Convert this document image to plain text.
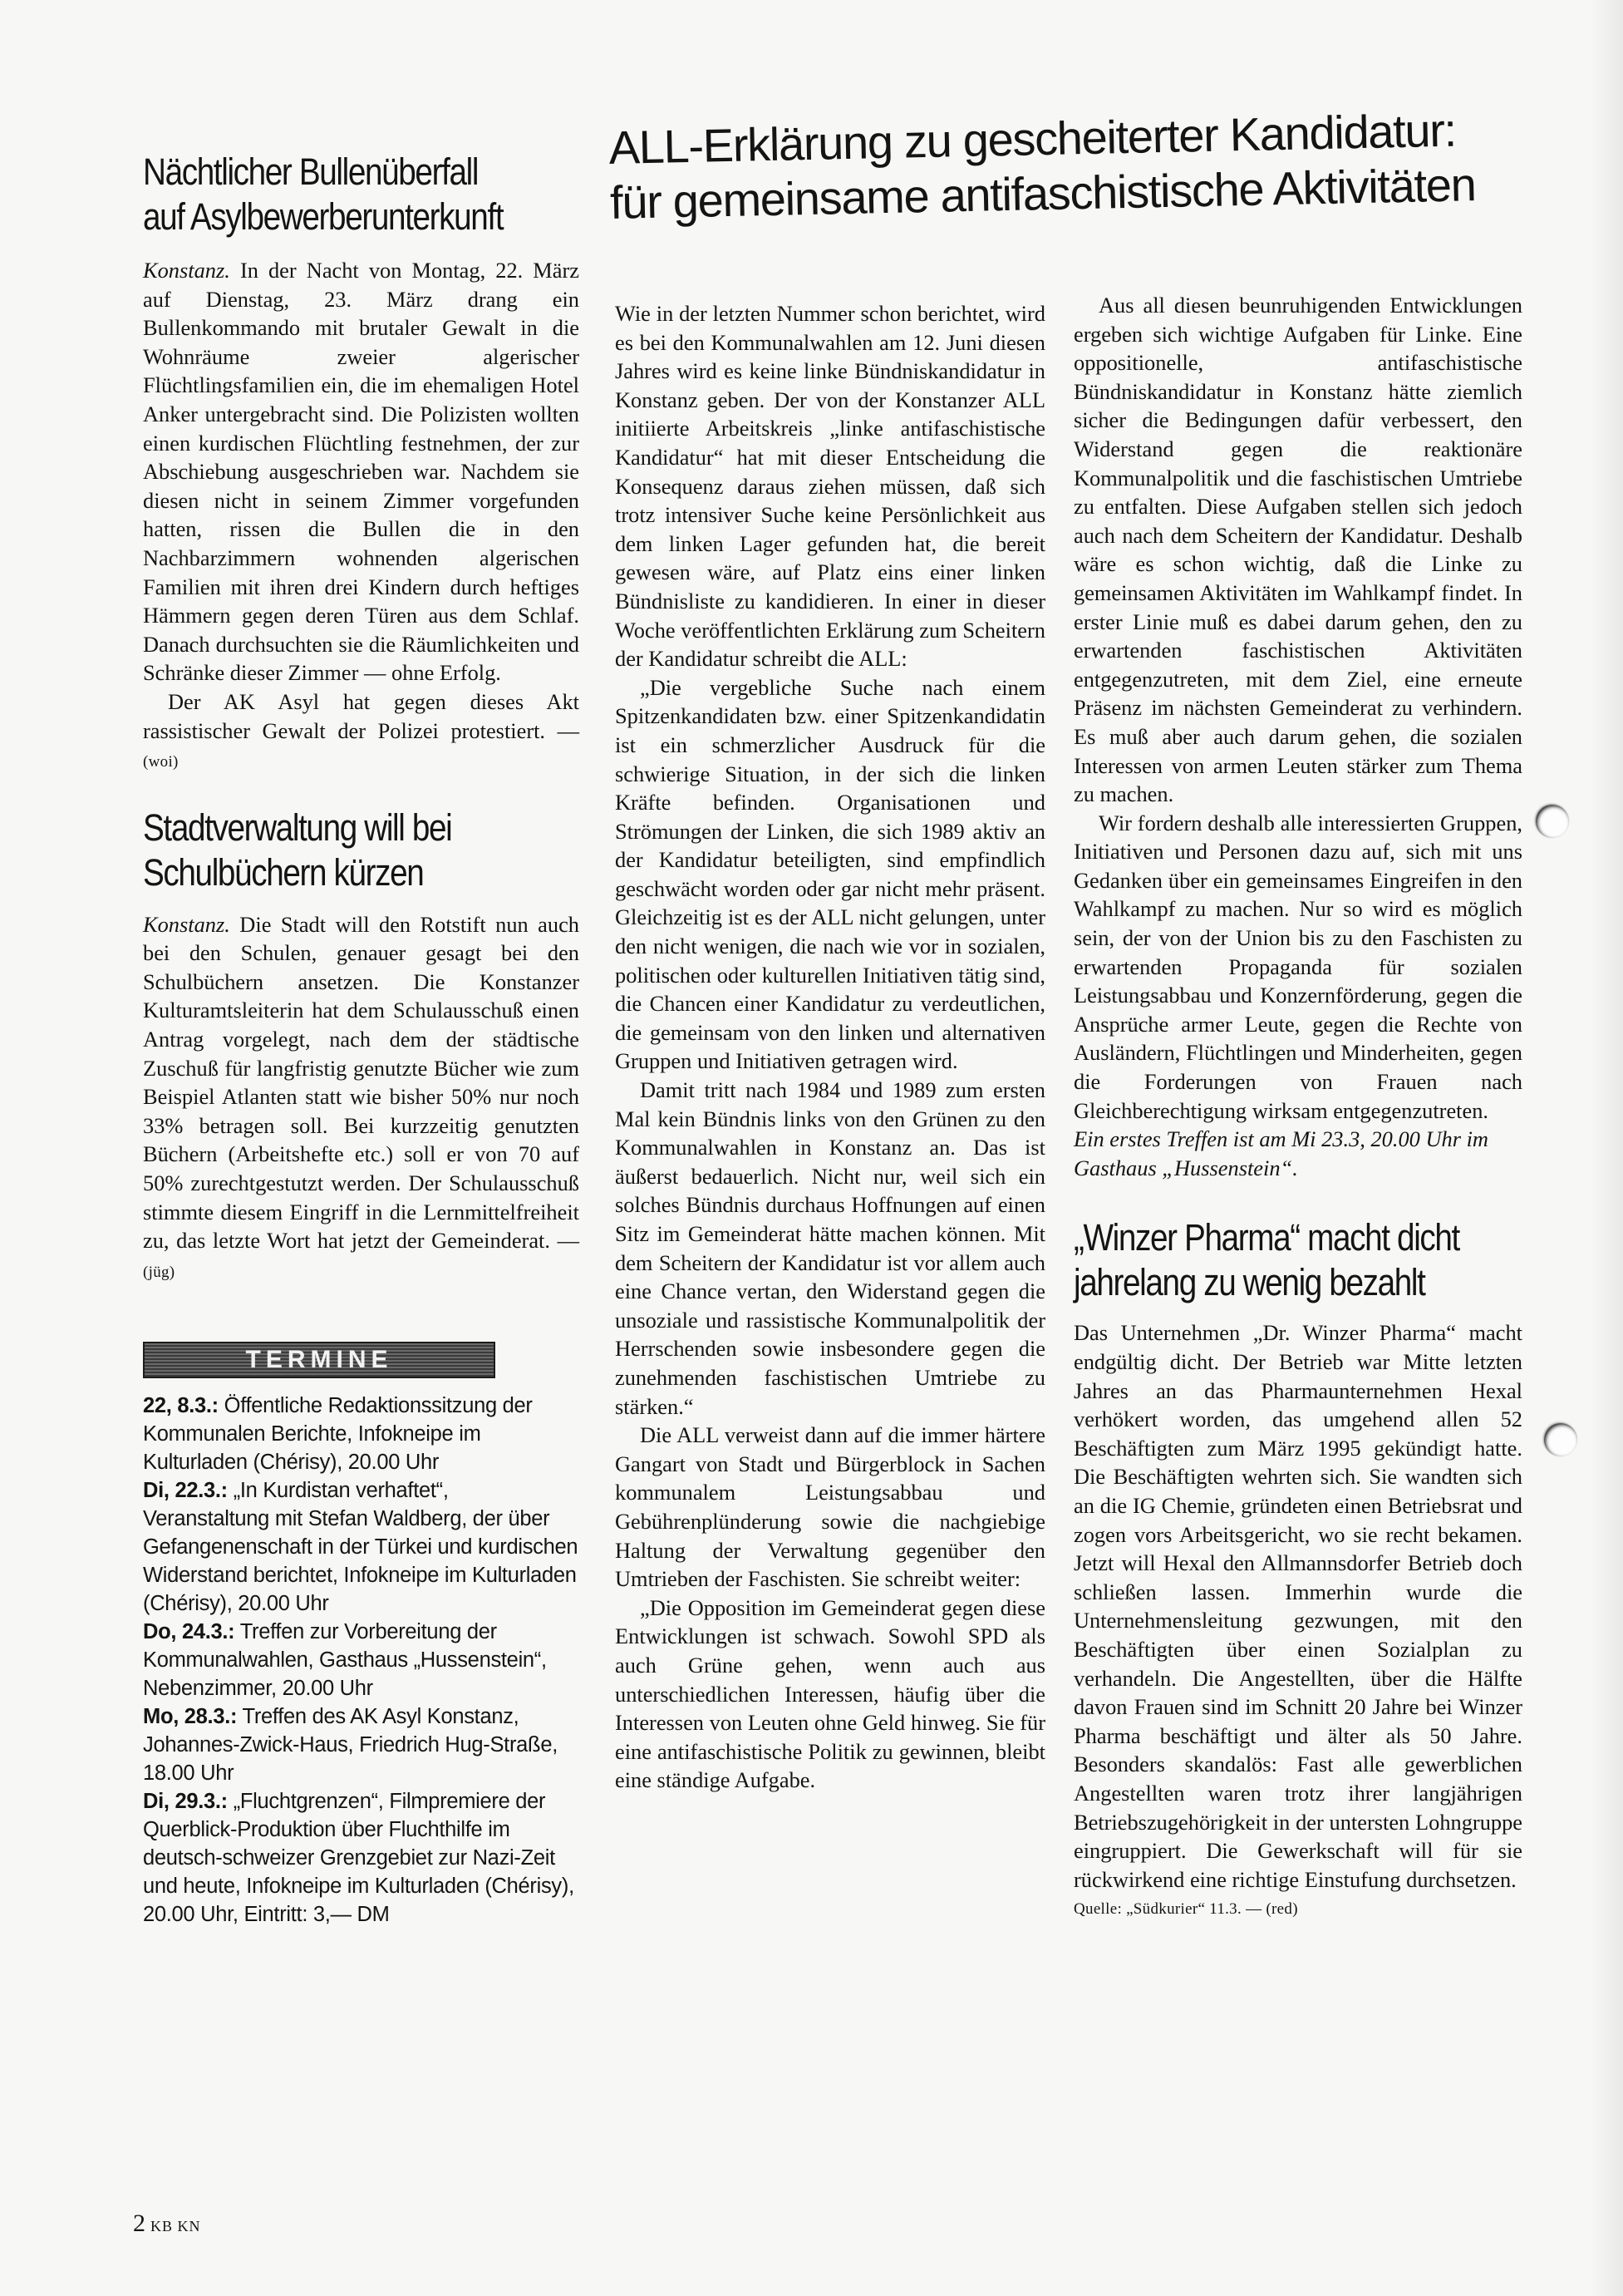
Nächtlicher Bullenüberfall
auf Asylbewerberunterkunft

Konstanz. In der Nacht von Montag, 22. März auf Dienstag, 23. März drang ein Bullenkommando mit brutaler Gewalt in die Wohnräume zweier algerischer Flüchtlingsfamilien ein, die im ehemaligen Hotel Anker untergebracht sind. Die Polizisten wollten einen kurdischen Flüchtling festnehmen, der zur Abschiebung ausgeschrieben war. Nachdem sie diesen nicht in seinem Zimmer vorgefunden hatten, rissen die Bullen die in den Nachbarzimmern wohnenden algerischen Familien mit ihren drei Kindern durch heftiges Hämmern gegen deren Türen aus dem Schlaf. Danach durchsuchten sie die Räumlichkeiten und Schränke dieser Zimmer — ohne Erfolg.

Der AK Asyl hat gegen dieses Akt rassistischer Gewalt der Polizei protestiert. — (woi)

Stadtverwaltung will bei
Schulbüchern kürzen

Konstanz. Die Stadt will den Rotstift nun auch bei den Schulen, genauer gesagt bei den Schulbüchern ansetzen. Die Konstanzer Kulturamtsleiterin hat dem Schulausschuß einen Antrag vorgelegt, nach dem der städtische Zuschuß für langfristig genutzte Bücher wie zum Beispiel Atlanten statt wie bisher 50% nur noch 33% betragen soll. Bei kurzzeitig genutzten Büchern (Arbeitshefte etc.) soll er von 70 auf 50% zurechtgestutzt werden. Der Schulausschuß stimmte diesem Eingriff in die Lernmittelfreiheit zu, das letzte Wort hat jetzt der Gemeinderat. — (jüg)

TERMINE

22, 8.3.: Öffentliche Redaktionssitzung der Kommunalen Berichte, Infokneipe im Kulturladen (Chérisy), 20.00 Uhr

Di, 22.3.: „In Kurdistan verhaftet“, Veranstaltung mit Stefan Waldberg, der über Gefangenenschaft in der Türkei und kurdischen Widerstand berichtet, Infokneipe im Kulturladen (Chérisy), 20.00 Uhr

Do, 24.3.: Treffen zur Vorbereitung der Kommunalwahlen, Gasthaus „Hussenstein“, Nebenzimmer, 20.00 Uhr

Mo, 28.3.: Treffen des AK Asyl Konstanz, Johannes-Zwick-Haus, Friedrich Hug-Straße, 18.00 Uhr

Di, 29.3.: „Fluchtgrenzen“, Filmpremiere der Querblick-Produktion über Fluchthilfe im deutsch-schweizer Grenzgebiet zur Nazi-Zeit und heute, Infokneipe im Kulturladen (Chérisy), 20.00 Uhr, Eintritt: 3,— DM

ALL-Erklärung zu gescheiterter Kandidatur:
für gemeinsame antifaschistische Aktivitäten

Wie in der letzten Nummer schon berichtet, wird es bei den Kommunalwahlen am 12. Juni diesen Jahres wird es keine linke Bündniskandidatur in Konstanz geben. Der von der Konstanzer ALL initiierte Arbeitskreis „linke antifaschistische Kandidatur“ hat mit dieser Entscheidung die Konsequenz daraus ziehen müssen, daß sich trotz intensiver Suche keine Persönlichkeit aus dem linken Lager gefunden hat, die bereit gewesen wäre, auf Platz eins einer linken Bündnisliste zu kandidieren. In einer in dieser Woche veröffentlichten Erklärung zum Scheitern der Kandidatur schreibt die ALL:

„Die vergebliche Suche nach einem Spitzenkandidaten bzw. einer Spitzenkandidatin ist ein schmerzlicher Ausdruck für die schwierige Situation, in der sich die linken Kräfte befinden. Organisationen und Strömungen der Linken, die sich 1989 aktiv an der Kandidatur beteiligten, sind empfindlich geschwächt worden oder gar nicht mehr präsent. Gleichzeitig ist es der ALL nicht gelungen, unter den nicht wenigen, die nach wie vor in sozialen, politischen oder kulturellen Initiativen tätig sind, die Chancen einer Kandidatur zu verdeutlichen, die gemeinsam von den linken und alternativen Gruppen und Initiativen getragen wird.

Damit tritt nach 1984 und 1989 zum ersten Mal kein Bündnis links von den Grünen zu den Kommunalwahlen in Konstanz an. Das ist äußerst bedauerlich. Nicht nur, weil sich ein solches Bündnis durchaus Hoffnungen auf einen Sitz im Gemeinderat hätte machen können. Mit dem Scheitern der Kandidatur ist vor allem auch eine Chance vertan, den Widerstand gegen die unsoziale und rassistische Kommunalpolitik der Herrschenden sowie insbesondere gegen die zunehmenden faschistischen Umtriebe zu stärken.“

Die ALL verweist dann auf die immer härtere Gangart von Stadt und Bürgerblock in Sachen kommunalem Leistungsabbau und Gebührenplünderung sowie die nachgiebige Haltung der Verwaltung gegenüber den Umtrieben der Faschisten. Sie schreibt weiter:

„Die Opposition im Gemeinderat gegen diese Entwicklungen ist schwach. Sowohl SPD als auch Grüne gehen, wenn auch aus unterschiedlichen Interessen, häufig über die Interessen von Leuten ohne Geld hinweg. Sie für eine antifaschistische Politik zu gewinnen, bleibt eine ständige Aufgabe.

Aus all diesen beunruhigenden Entwicklungen ergeben sich wichtige Aufgaben für Linke. Eine oppositionelle, antifaschistische Bündniskandidatur in Konstanz hätte ziemlich sicher die Bedingungen dafür verbessert, den Widerstand gegen die reaktionäre Kommunalpolitik und die faschistischen Umtriebe zu entfalten. Diese Aufgaben stellen sich jedoch auch nach dem Scheitern der Kandidatur. Deshalb wäre es schon wichtig, daß die Linke zu gemeinsamen Aktivitäten im Wahlkampf findet. In erster Linie muß es dabei darum gehen, den zu erwartenden faschistischen Aktivitäten entgegenzutreten, mit dem Ziel, eine erneute Präsenz im nächsten Gemeinderat zu verhindern. Es muß aber auch darum gehen, die sozialen Interessen von armen Leuten stärker zum Thema zu machen.

Wir fordern deshalb alle interessierten Gruppen, Initiativen und Personen dazu auf, sich mit uns Gedanken über ein gemeinsames Eingreifen in den Wahlkampf zu machen. Nur so wird es möglich sein, der von der Union bis zu den Faschisten zu erwartenden Propaganda für sozialen Leistungsabbau und Konzernförderung, gegen die Ansprüche armer Leute, gegen die Rechte von Ausländern, Flüchtlingen und Minderheiten, gegen die Forderungen von Frauen nach Gleichberechtigung wirksam entgegenzutreten.

Ein erstes Treffen ist am Mi 23.3, 20.00 Uhr im Gasthaus „Hussenstein“.

„Winzer Pharma“ macht dicht
jahrelang zu wenig bezahlt

Das Unternehmen „Dr. Winzer Pharma“ macht endgültig dicht. Der Betrieb war Mitte letzten Jahres an das Pharmaunternehmen Hexal verhökert worden, das umgehend allen 52 Beschäftigten zum März 1995 gekündigt hatte. Die Beschäftigten wehrten sich. Sie wandten sich an die IG Chemie, gründeten einen Betriebsrat und zogen vors Arbeitsgericht, wo sie recht bekamen. Jetzt will Hexal den Allmannsdorfer Betrieb doch schließen lassen. Immerhin wurde die Unternehmensleitung gezwungen, mit den Beschäftigten über einen Sozialplan zu verhandeln. Die Angestellten, über die Hälfte davon Frauen sind im Schnitt 20 Jahre bei Winzer Pharma beschäftigt und älter als 50 Jahre. Besonders skandalös: Fast alle gewerblichen Angestellten waren trotz ihrer langjährigen Betriebszugehörigkeit in der untersten Lohngruppe eingruppiert. Die Gewerkschaft will für sie rückwirkend eine richtige Einstufung durchsetzen.

Quelle: „Südkurier“ 11.3. — (red)

2 KB KN
